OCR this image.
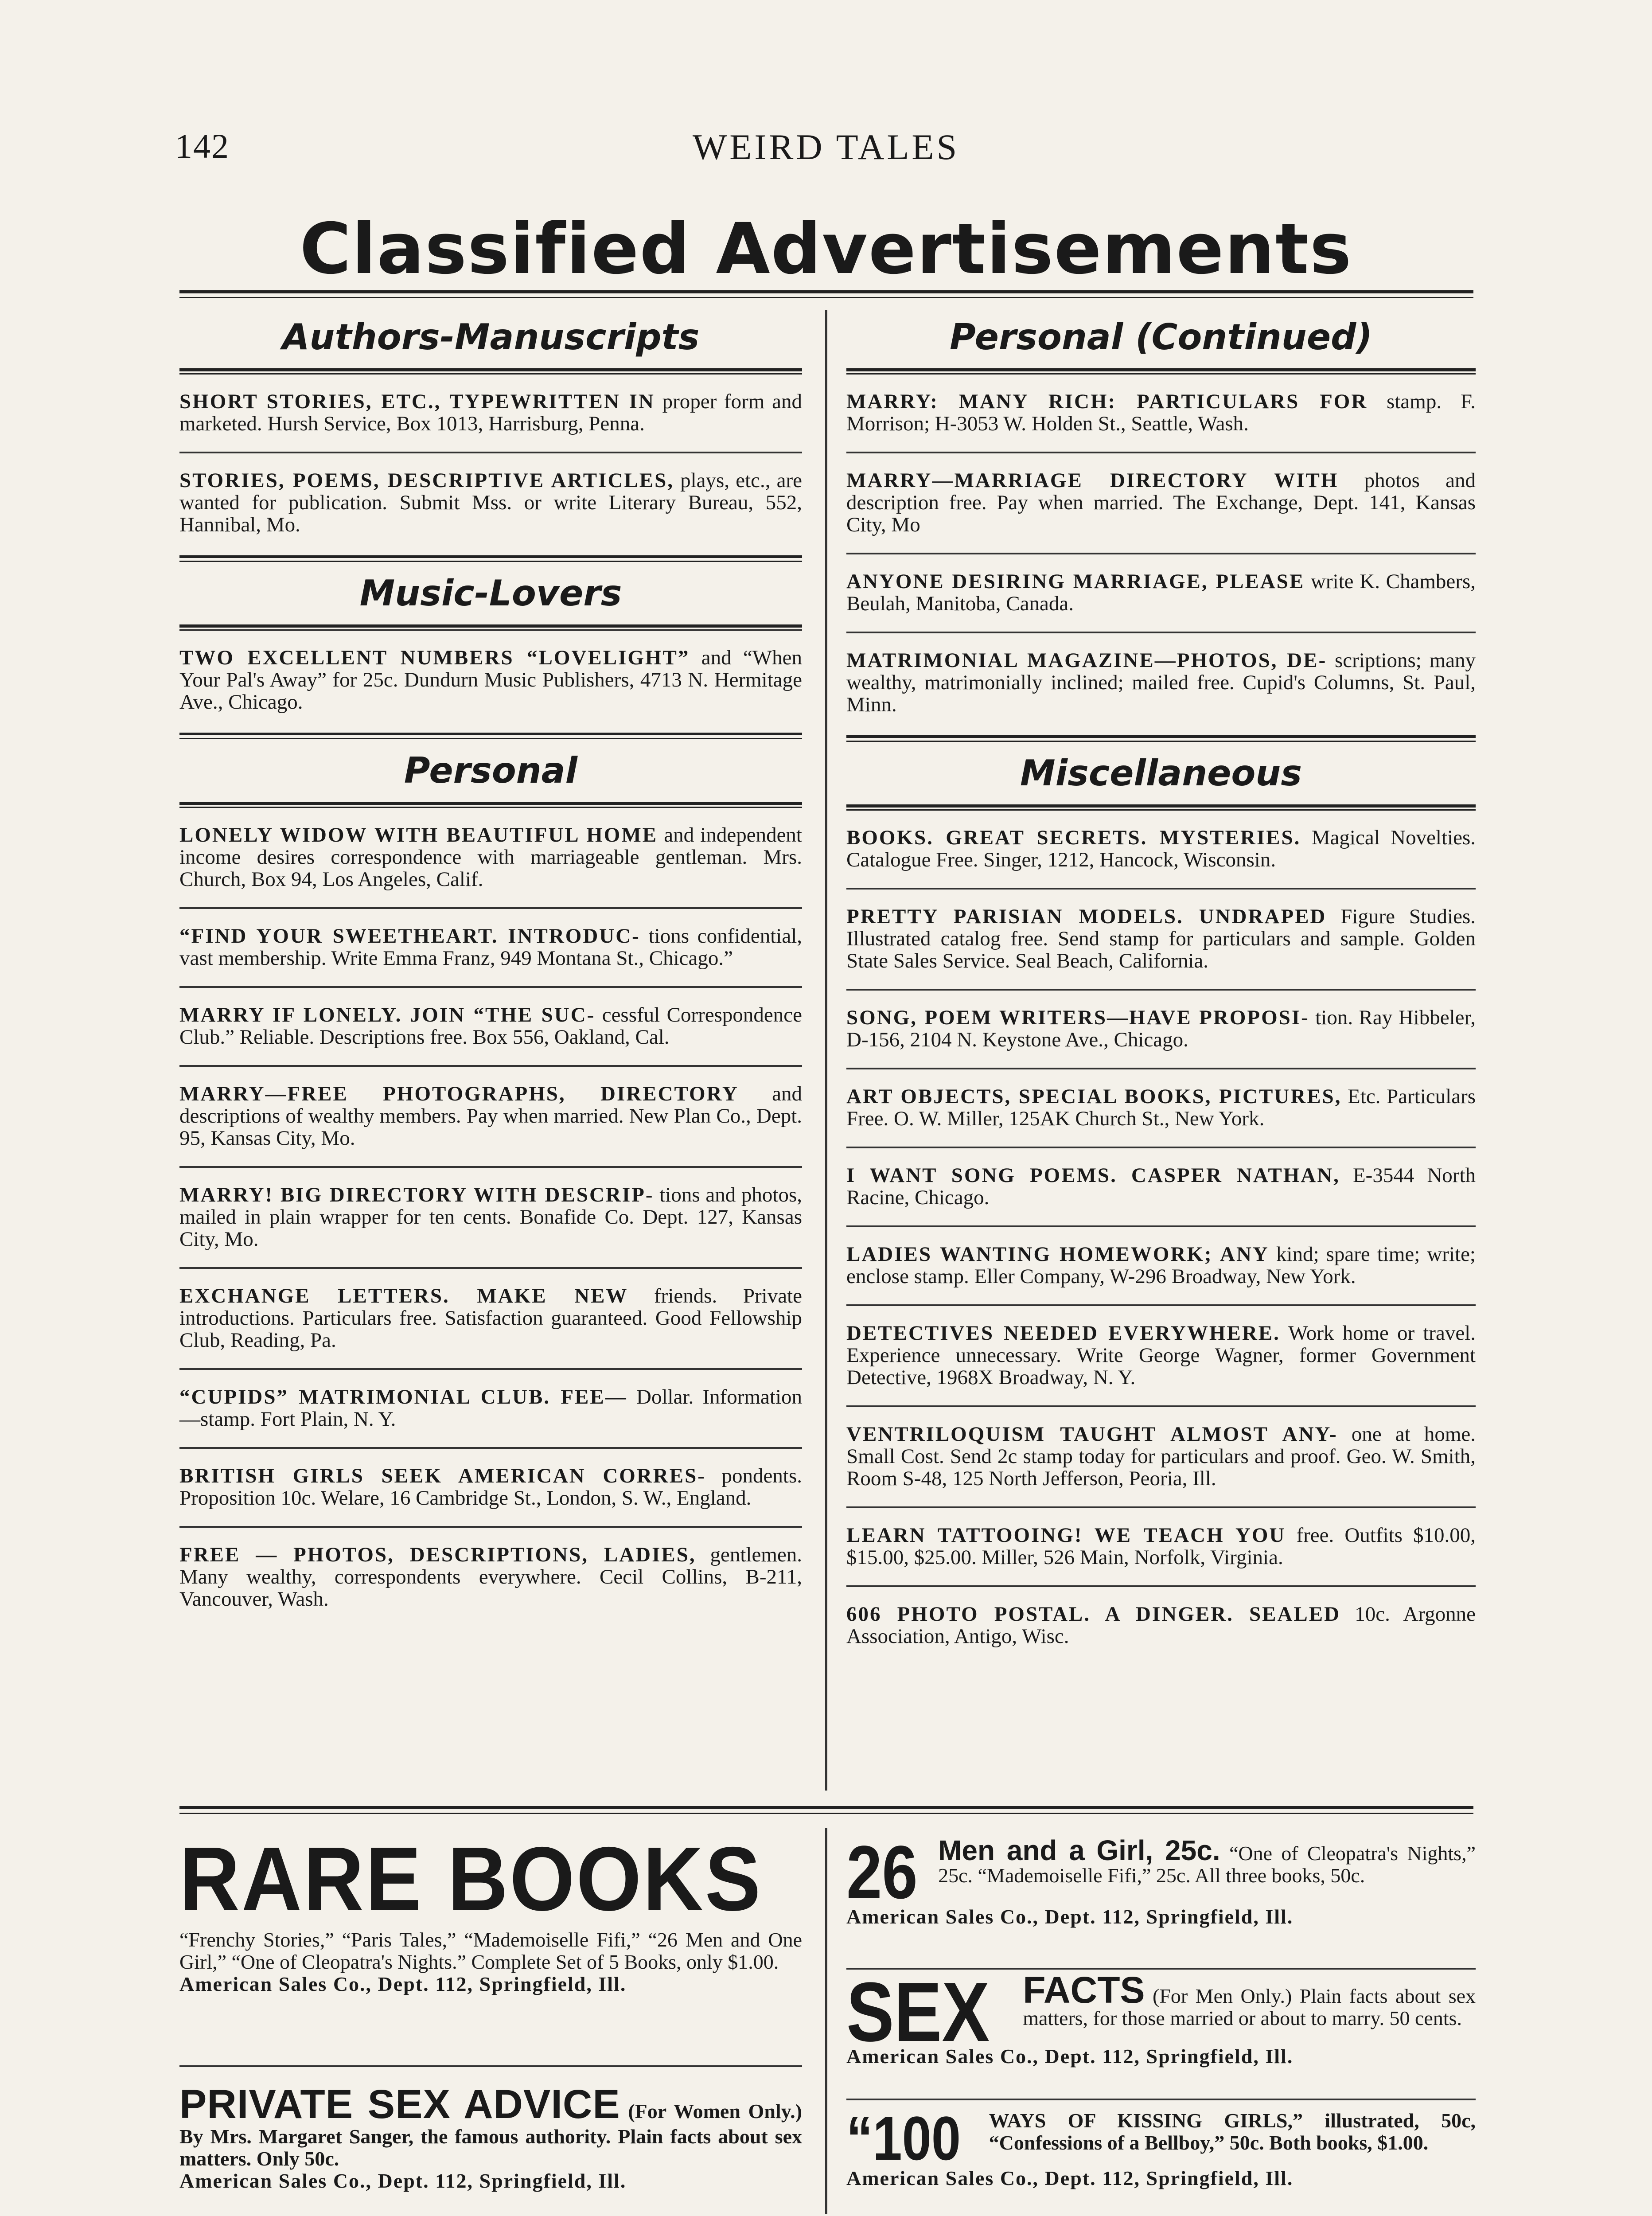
142	WEIRD TALES
Classified Advertisements
Authors-Manuscripts
SHORT STORIES, ETC., TYPEWRITTEN IN proper form and marketed. Hursh Service, Box 1013, Harrisburg, Penna.
STORIES, POEMS, DESCRIPTIVE ARTICLES, plays, etc., are wanted for publication. Submit Mss. or write Literary Bureau, 552, Hannibal, Mo.
Music-Lovers
TWO EXCELLENT NUMBERS “LOVELIGHT” and “When Your Pal's Away” for 25c. Dundurn Music Publishers, 4713 N. Hermitage Ave., Chicago.
Personal
LONELY WIDOW WITH BEAUTIFUL HOME and independent income desires correspondence with marriageable gentleman. Mrs. Church, Box 94, Los Angeles, Calif.
“FIND YOUR SWEETHEART. INTRODUC- tions confidential, vast membership. Write Emma Franz, 949 Montana St., Chicago.”
MARRY IF LONELY. JOIN “THE SUC- cessful Correspondence Club.” Reliable. Descriptions free. Box 556, Oakland, Cal.
MARRY—FREE PHOTOGRAPHS, DIRECTORY and descriptions of wealthy members. Pay when married. New Plan Co., Dept. 95, Kansas City, Mo.
MARRY! BIG DIRECTORY WITH DESCRIP- tions and photos, mailed in plain wrapper for ten cents. Bonafide Co. Dept. 127, Kansas City, Mo.
EXCHANGE LETTERS. MAKE NEW friends. Private introductions. Particulars free. Satisfaction guaranteed. Good Fellowship Club, Reading, Pa.
“CUPIDS” MATRIMONIAL CLUB. FEE— Dollar. Information —stamp. Fort Plain, N. Y.
BRITISH GIRLS SEEK AMERICAN CORRES- pondents. Proposition 10c. Welare, 16 Cambridge St., London, S. W., England.
FREE — PHOTOS, DESCRIPTIONS, LADIES, gentlemen. Many wealthy, correspondents everywhere. Cecil Collins, B-211, Vancouver, Wash.
Personal (Continued)
MARRY: MANY RICH: PARTICULARS FOR stamp. F. Morrison; H-3053 W. Holden St., Seattle, Wash.
MARRY—MARRIAGE DIRECTORY WITH photos and description free. Pay when married. The Exchange, Dept. 141, Kansas City, Mo
ANYONE DESIRING MARRIAGE, PLEASE write K. Chambers, Beulah, Manitoba, Canada.
MATRIMONIAL MAGAZINE—PHOTOS, DE- scriptions; many wealthy, matrimonially inclined; mailed free. Cupid's Columns, St. Paul, Minn.
Miscellaneous
BOOKS. GREAT SECRETS. MYSTERIES. Magical Novelties. Catalogue Free. Singer, 1212, Hancock, Wisconsin.
PRETTY PARISIAN MODELS. UNDRAPED Figure Studies. Illustrated catalog free. Send stamp for particulars and sample. Golden State Sales Service. Seal Beach, California.
SONG, POEM WRITERS—HAVE PROPOSI- tion. Ray Hibbeler, D-156, 2104 N. Keystone Ave., Chicago.
ART OBJECTS, SPECIAL BOOKS, PICTURES, Etc. Particulars Free. O. W. Miller, 125AK Church St., New York.
I WANT SONG POEMS. CASPER NATHAN, E-3544 North Racine, Chicago.
LADIES WANTING HOMEWORK; ANY kind; spare time; write; enclose stamp. Eller Company, W-296 Broadway, New York.
DETECTIVES NEEDED EVERYWHERE. Work home or travel. Experience unnecessary. Write George Wagner, former Government Detective, 1968X Broadway, N. Y.
VENTRILOQUISM TAUGHT ALMOST ANY- one at home. Small Cost. Send 2c stamp today for particulars and proof. Geo. W. Smith, Room S-48, 125 North Jefferson, Peoria, Ill.
LEARN TATTOOING! WE TEACH YOU free. Outfits $10.00, $15.00, $25.00. Miller, 526 Main, Norfolk, Virginia.
606 PHOTO POSTAL. A DINGER. SEALED 10c. Argonne Association, Antigo, Wisc.
RARE BOOKS
“Frenchy Stories,” “Paris Tales,” “Mademoiselle Fifi,” “26 Men and One Girl,” “One of Cleopatra's Nights.” Complete Set of 5 Books, only $1.00.
American Sales Co., Dept. 112, Springfield, Ill.
PRIVATE SEX ADVICE (For Women Only.) By Mrs. Margaret Sanger, the famous authority. Plain facts about sex matters. Only 50c.
American Sales Co., Dept. 112, Springfield, Ill.
26 Men and a Girl, 25c. “One of Cleopatra's Nights,” 25c. “Mademoiselle Fifi,” 25c. All three books, 50c.
American Sales Co., Dept. 112, Springfield, Ill.
SEX FACTS (For Men Only.) Plain facts about sex matters, for those married or about to marry. 50 cents.
American Sales Co., Dept. 112, Springfield, Ill.
“100 WAYS OF KISSING GIRLS,” illustrated, 50c, “Confessions of a Bellboy,” 50c. Both books, $1.00.
American Sales Co., Dept. 112, Springfield, Ill.
